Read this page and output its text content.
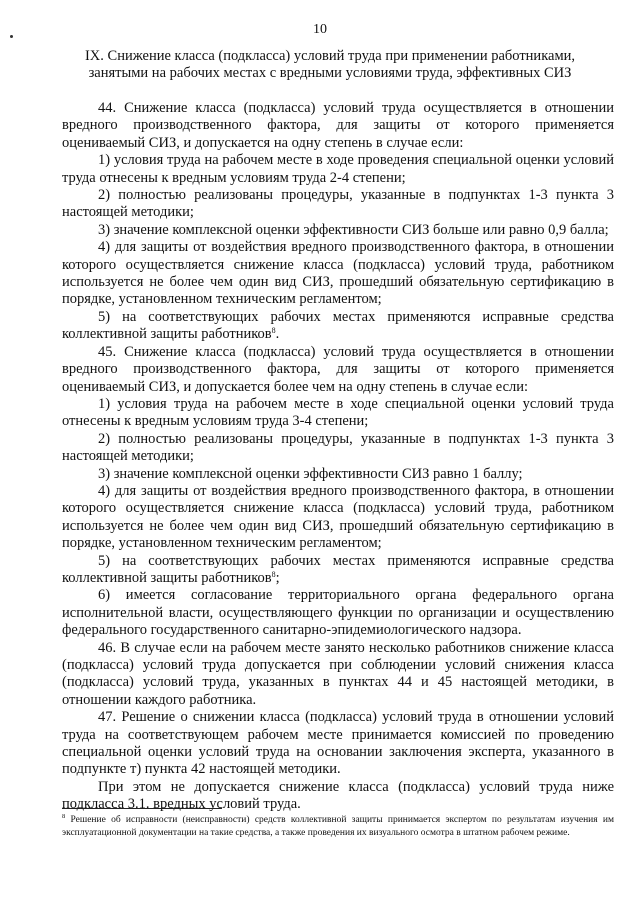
10
IX. Снижение класса (подкласса) условий труда при применении работниками, занятыми на рабочих местах с вредными условиями труда, эффективных СИЗ

44. Снижение класса (подкласса) условий труда осуществляется в отношении вредного производственного фактора, для защиты от которого применяется оцениваемый СИЗ, и допускается на одну степень в случае если:

1) условия труда на рабочем месте в ходе проведения специальной оценки условий труда отнесены к вредным условиям труда 2-4 степени;

2) полностью реализованы процедуры, указанные в подпунктах 1-3 пункта 3 настоящей методики;

3) значение комплексной оценки эффективности СИЗ больше или равно 0,9 балла;

4) для защиты от воздействия вредного производственного фактора, в отношении которого осуществляется снижение класса (подкласса) условий труда, работником используется не более чем один вид СИЗ, прошедший обязательную сертификацию в порядке, установленном техническим регламентом;

5) на соответствующих рабочих местах применяются исправные средства коллективной защиты работников$^8$.

45. Снижение класса (подкласса) условий труда осуществляется в отношении вредного производственного фактора, для защиты от которого применяется оцениваемый СИЗ, и допускается более чем на одну степень в случае если:

1) условия труда на рабочем месте в ходе специальной оценки условий труда отнесены к вредным условиям труда 3-4 степени;

2) полностью реализованы процедуры, указанные в подпунктах 1-3 пункта 3 настоящей методики;

3) значение комплексной оценки эффективности СИЗ равно 1 баллу;

4) для защиты от воздействия вредного производственного фактора, в отношении которого осуществляется снижение класса (подкласса) условий труда, работником используется не более чем один вид СИЗ, прошедший обязательную сертификацию в порядке, установленном техническим регламентом;

5) на соответствующих рабочих местах применяются исправные средства коллективной защиты работников$^8$;

6) имеется согласование территориального органа федерального органа исполнительной власти, осуществляющего функции по организации и осуществлению федерального государственного санитарно-эпидемиологического надзора.

46. В случае если на рабочем месте занято несколько работников снижение класса (подкласса) условий труда допускается при соблюдении условий снижения класса (подкласса) условий труда, указанных в пунктах 44 и 45 настоящей методики, в отношении каждого работника.

47. Решение о снижении класса (подкласса) условий труда в отношении условий труда на соответствующем рабочем месте принимается комиссией по проведению специальной оценки условий труда на основании заключения эксперта, указанного в подпункте т) пункта 42 настоящей методики.

При этом не допускается снижение класса (подкласса) условий труда ниже подкласса 3.1. вредных условий труда.

$^8$ Решение об исправности (неисправности) средств коллективной защиты принимается экспертом по результатам изучения им эксплуатационной документации на такие средства, а также проведения их визуального осмотра в штатном рабочем режиме.
